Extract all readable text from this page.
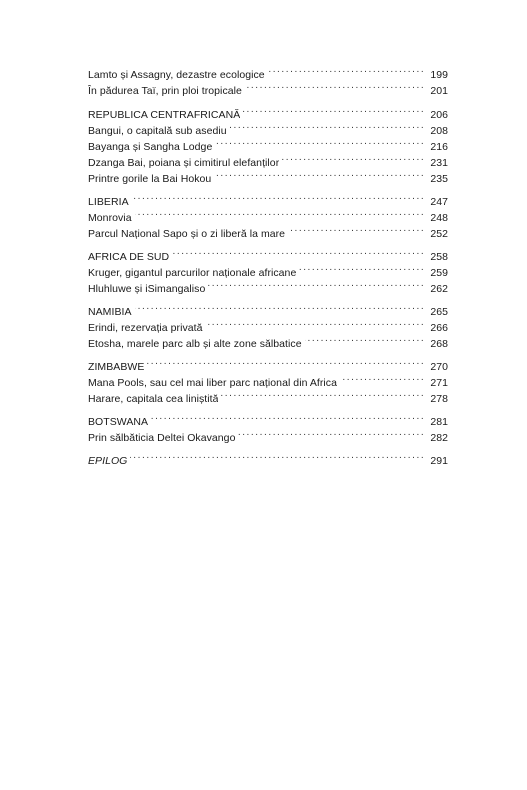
Lamto și Assagny, dezastre ecologice . . .	199
În pădurea Taï, prin ploi tropicale . . .	201
REPUBLICA CENTRAFRICANĂ . . .	206
Bangui, o capitală sub asediu . . .	208
Bayanga și Sangha Lodge . . .	216
Dzanga Bai, poiana și cimitirul elefanților . . .	231
Printre gorile la Bai Hokou . . .	235
LIBERIA . . .	247
Monrovia . . .	248
Parcul Național Sapo și o zi liberă la mare . . .	252
AFRICA DE SUD . . .	258
Kruger, gigantul parcurilor naționale africane . . .	259
Hluhluwe și iSimangaliso . . .	262
NAMIBIA . . .	265
Erindi, rezervația privată . . .	266
Etosha, marele parc alb și alte zone sălbatice . . .	268
ZIMBABWE . . .	270
Mana Pools, sau cel mai liber parc național din Africa . . .	271
Harare, capitala cea liniștită . . .	278
BOTSWANA . . .	281
Prin sălbăticia Deltei Okavango . . .	282
EPILOG . . .	291
